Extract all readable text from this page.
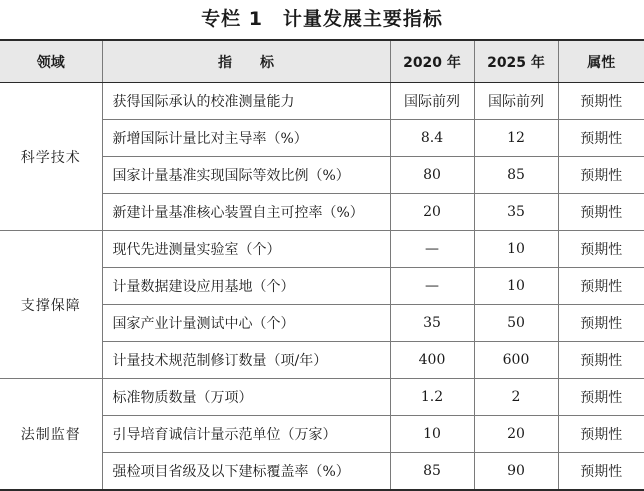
专栏 1　计量发展主要指标
领域	指 标	2020 年	2025 年	属性
科学技术	获得国际承认的校准测量能力	国际前列	国际前列	预期性
	新增国际计量比对主导率（%）	8.4	12	预期性
	国家计量基准实现国际等效比例（%）	80	85	预期性
	新建计量基准核心装置自主可控率（%）	20	35	预期性
支撑保障	现代先进测量实验室（个）	—	10	预期性
	计量数据建设应用基地（个）	—	10	预期性
	国家产业计量测试中心（个）	35	50	预期性
	计量技术规范制修订数量（项/年）	400	600	预期性
法制监督	标准物质数量（万项）	1.2	2	预期性
	引导培育诚信计量示范单位（万家）	10	20	预期性
	强检项目省级及以下建标覆盖率（%）	85	90	预期性
